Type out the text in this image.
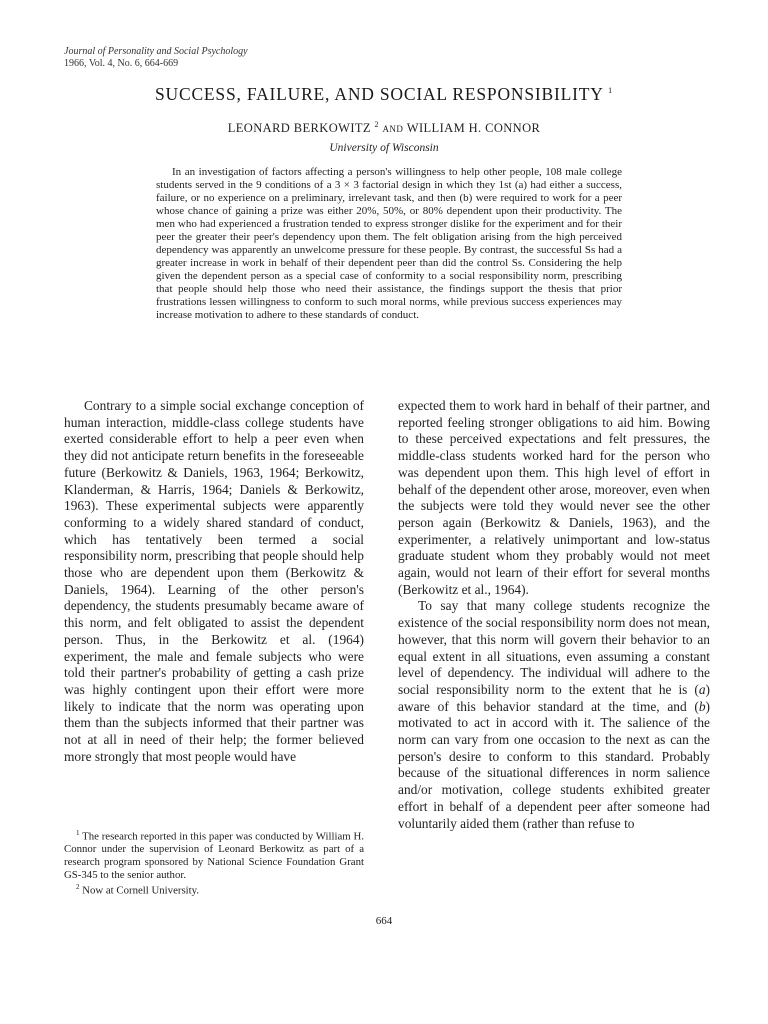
Journal of Personality and Social Psychology
1966, Vol. 4, No. 6, 664-669
SUCCESS, FAILURE, AND SOCIAL RESPONSIBILITY $^1$
LEONARD BERKOWITZ $^2$ AND WILLIAM H. CONNOR
University of Wisconsin

In an investigation of factors affecting a person's willingness to help other people, 108 male college students served in the 9 conditions of a 3 × 3 factorial design in which they 1st (a) had either a success, failure, or no experience on a preliminary, irrelevant task, and then (b) were required to work for a peer whose chance of gaining a prize was either 20%, 50%, or 80% dependent upon their productivity. The men who had experienced a frustration tended to express stronger dislike for the experiment and for their peer the greater their peer's dependency upon them. The felt obligation arising from the high perceived dependency was apparently an unwelcome pressure for these people. By contrast, the successful Ss had a greater increase in work in behalf of their dependent peer than did the control Ss. Considering the help given the dependent person as a special case of conformity to a social responsibility norm, prescribing that people should help those who need their assistance, the findings support the thesis that prior frustrations lessen willingness to conform to such moral norms, while previous success experiences may increase motivation to adhere to these standards of conduct.

Contrary to a simple social exchange conception of human interaction, middle-class college students have exerted considerable effort to help a peer even when they did not anticipate return benefits in the foreseeable future (Berkowitz & Daniels, 1963, 1964; Berkowitz, Klanderman, & Harris, 1964; Daniels & Berkowitz, 1963). These experimental subjects were apparently conforming to a widely shared standard of conduct, which has tentatively been termed a social responsibility norm, prescribing that people should help those who are dependent upon them (Berkowitz & Daniels, 1964). Learning of the other person's dependency, the students presumably became aware of this norm, and felt obligated to assist the dependent person. Thus, in the Berkowitz et al. (1964) experiment, the male and female subjects who were told their partner's probability of getting a cash prize was highly contingent upon their effort were more likely to indicate that the norm was operating upon them than the subjects informed that their partner was not at all in need of their help; the former believed more strongly that most people would have

expected them to work hard in behalf of their partner, and reported feeling stronger obligations to aid him. Bowing to these perceived expectations and felt pressures, the middle-class students worked hard for the person who was dependent upon them. This high level of effort in behalf of the dependent other arose, moreover, even when the subjects were told they would never see the other person again (Berkowitz & Daniels, 1963), and the experimenter, a relatively unimportant and low-status graduate student whom they probably would not meet again, would not learn of their effort for several months (Berkowitz et al., 1964).

To say that many college students recognize the existence of the social responsibility norm does not mean, however, that this norm will govern their behavior to an equal extent in all situations, even assuming a constant level of dependency. The individual will adhere to the social responsibility norm to the extent that he is (a) aware of this behavior standard at the time, and (b) motivated to act in accord with it. The salience of the norm can vary from one occasion to the next as can the person's desire to conform to this standard. Probably because of the situational differences in norm salience and/or motivation, college students exhibited greater effort in behalf of a dependent peer after someone had voluntarily aided them (rather than refuse to

$^1$ The research reported in this paper was conducted by William H. Connor under the supervision of Leonard Berkowitz as part of a research program sponsored by National Science Foundation Grant GS-345 to the senior author.

$^2$ Now at Cornell University.

664
